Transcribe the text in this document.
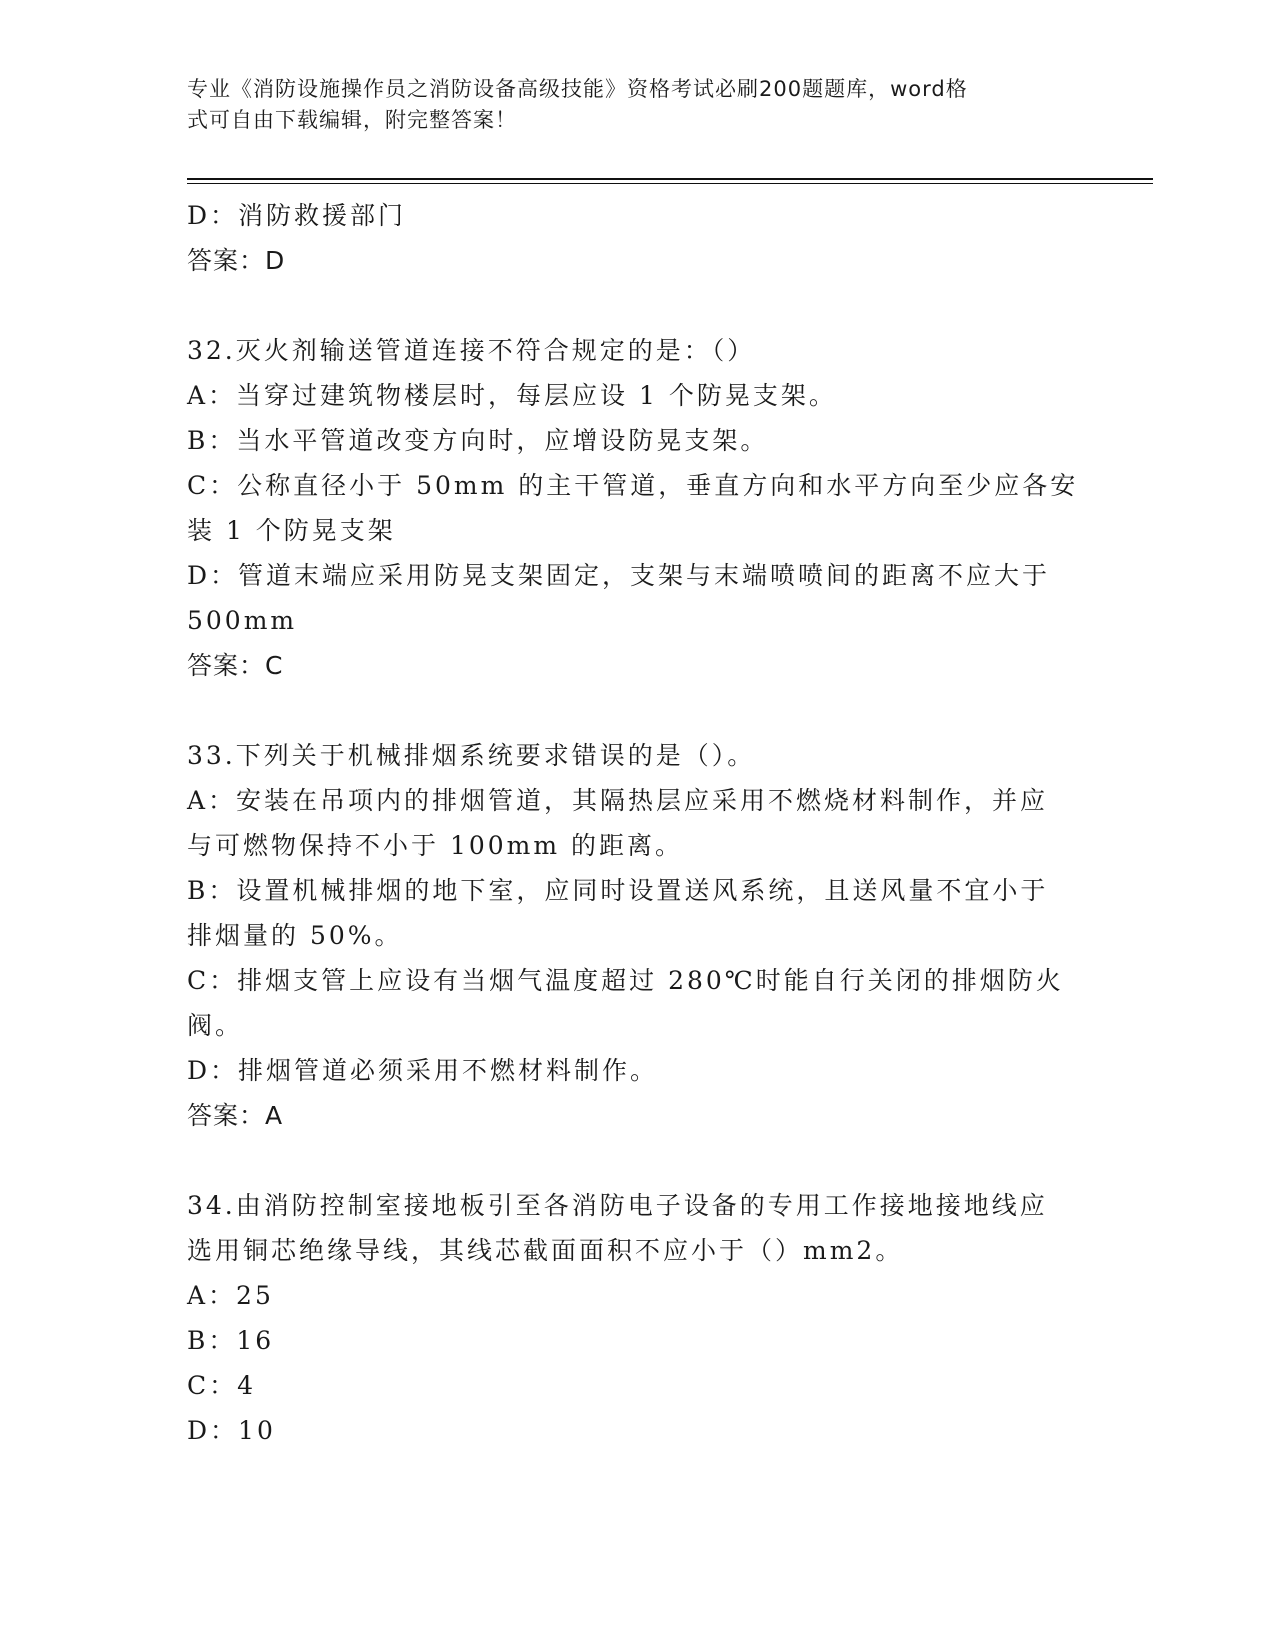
专业《消防设施操作员之消防设备高级技能》资格考试必刷200题题库，word格
式可自由下载编辑，附完整答案！

D：消防救援部门

答案：D

32.灭火剂输送管道连接不符合规定的是：（）

A：当穿过建筑物楼层时，每层应设 1 个防晃支架。

B：当水平管道改变方向时，应增设防晃支架。

C：公称直径小于 50mm 的主干管道，垂直方向和水平方向至少应各安

装 1 个防晃支架

D：管道末端应采用防晃支架固定，支架与末端喷喷间的距离不应大于

500mm

答案：C

33.下列关于机械排烟系统要求错误的是（）。

A：安装在吊项内的排烟管道，其隔热层应采用不燃烧材料制作，并应

与可燃物保持不小于 100mm 的距离。

B：设置机械排烟的地下室，应同时设置送风系统，且送风量不宜小于

排烟量的 50%。

C：排烟支管上应设有当烟气温度超过 280℃时能自行关闭的排烟防火

阀。

D：排烟管道必须采用不燃材料制作。

答案：A

34.由消防控制室接地板引至各消防电子设备的专用工作接地接地线应

选用铜芯绝缘导线，其线芯截面面积不应小于（）mm2。

A：25

B：16

C：4

D：10
